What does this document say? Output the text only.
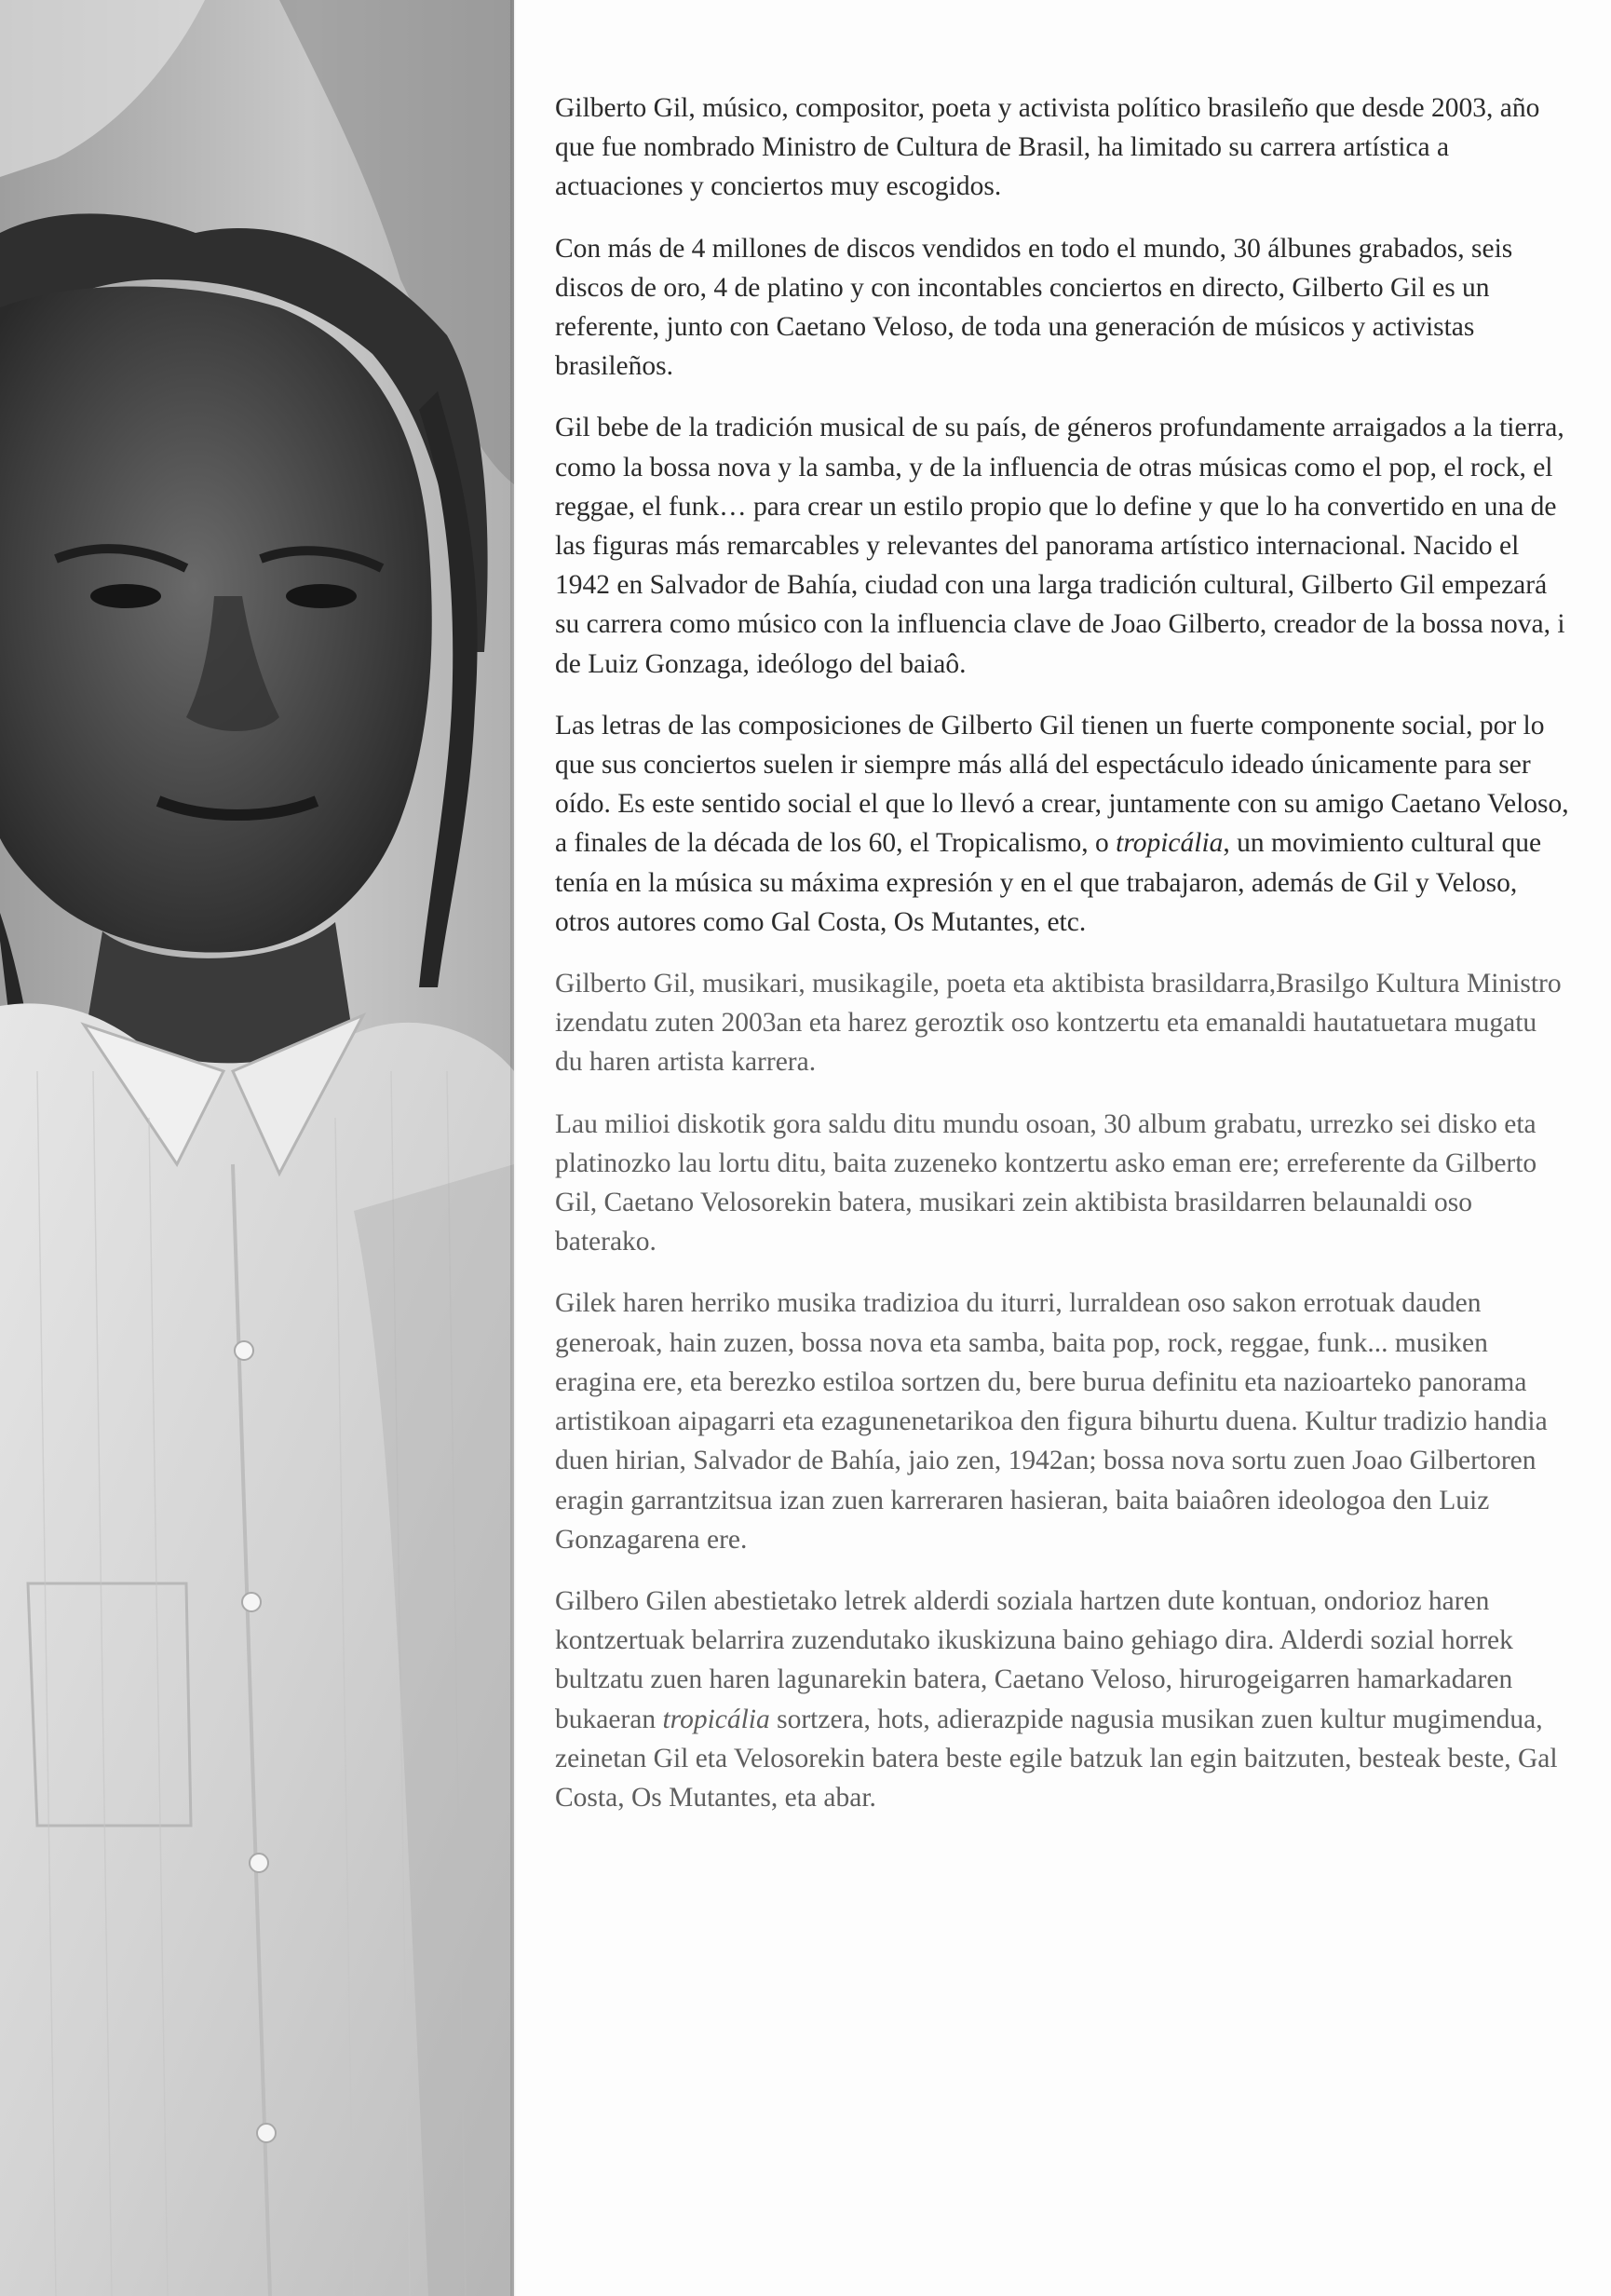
Gilberto Gil, músico, compositor, poeta y activista político brasileño que desde 2003, año que fue nombrado Ministro de Cultura de Brasil, ha limitado su carrera artística a actuaciones y conciertos muy escogidos.

Con más de 4 millones de discos vendidos en todo el mundo, 30 álbunes grabados, seis discos de oro, 4 de platino y con incontables conciertos en directo, Gilberto Gil es un referente, junto con Caetano Veloso, de toda una generación de músicos y activistas brasileños.

Gil bebe de la tradición musical de su país, de géneros profundamente arraigados a la tierra, como la bossa nova y la samba, y de la influencia de otras músicas como el pop, el rock, el reggae, el funk… para crear un estilo propio que lo define y que lo ha convertido en una de las figuras más remarcables y relevantes del panorama artístico internacional. Nacido el 1942 en Salvador de Bahía, ciudad con una larga tradición cultural, Gilberto Gil empezará su carrera como músico con la influencia clave de Joao Gilberto, creador de la bossa nova, i de Luiz Gonzaga, ideólogo del baiaô.

Las letras de las composiciones de Gilberto Gil tienen un fuerte componente social, por lo que sus conciertos suelen ir siempre más allá del espectáculo ideado únicamente para ser oído. Es este sentido social el que lo llevó a crear, juntamente con su amigo Caetano Veloso, a finales de la década de los 60, el Tropicalismo, o tropicália, un movimiento cultural que tenía en la música su máxima expresión y en el que trabajaron, además de Gil y Veloso, otros autores como Gal Costa, Os Mutantes, etc.

Gilberto Gil, musikari, musikagile, poeta eta aktibista brasildarra,Brasilgo Kultura Ministro izendatu zuten 2003an eta harez geroztik oso kontzertu eta emanaldi hautatuetara mugatu du haren artista karrera.

Lau milioi diskotik gora saldu ditu mundu osoan, 30 album grabatu, urrezko sei disko eta platinozko lau lortu ditu, baita zuzeneko kontzertu asko eman ere; erreferente da Gilberto Gil, Caetano Velosorekin batera, musikari zein aktibista brasildarren belaunaldi oso baterako.

Gilek haren herriko musika tradizioa du iturri, lurraldean oso sakon errotuak dauden generoak, hain zuzen, bossa nova eta samba, baita pop, rock, reggae, funk... musiken eragina ere, eta berezko estiloa sortzen du, bere burua definitu eta nazioarteko panorama artistikoan aipagarri eta ezagunenetarikoa den figura bihurtu duena. Kultur tradizio handia duen hirian, Salvador de Bahía, jaio zen, 1942an; bossa nova sortu zuen Joao Gilbertoren eragin garrantzitsua izan zuen karreraren hasieran, baita baiaôren ideologoa den Luiz Gonzagarena ere.

Gilbero Gilen abestietako letrek alderdi soziala hartzen dute kontuan, ondorioz haren kontzertuak belarrira zuzendutako ikuskizuna baino gehiago dira. Alderdi sozial horrek bultzatu zuen haren lagunarekin batera, Caetano Veloso, hirurogeigarren hamarkadaren bukaeran tropicália sortzera, hots, adierazpide nagusia musikan zuen kultur mugimendua, zeinetan Gil eta Velosorekin batera beste egile batzuk lan egin baitzuten, besteak beste, Gal Costa, Os Mutantes, eta abar.
